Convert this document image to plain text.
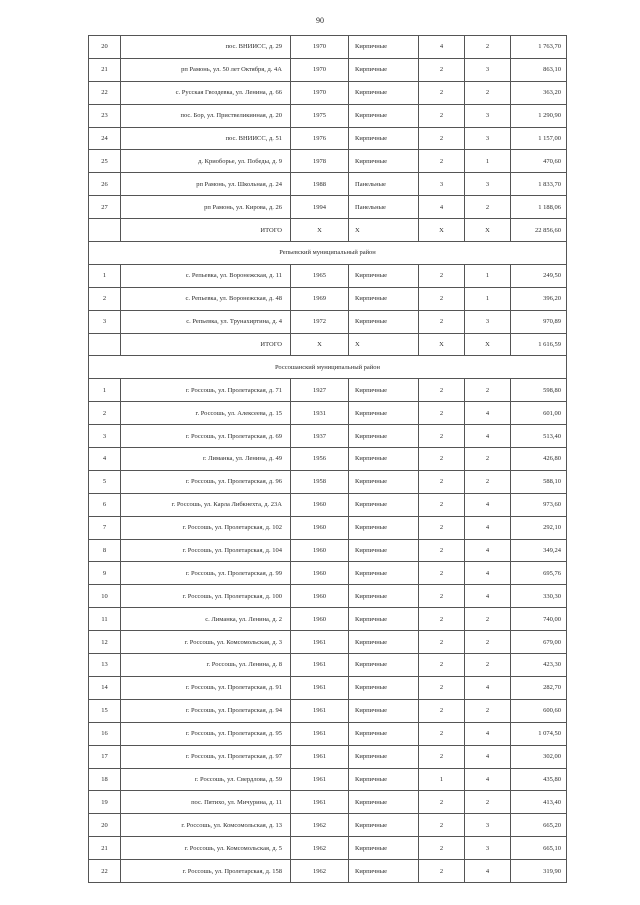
90
20	пос. ВНИИСС, д. 29	1970	Кирпичные	4	2	1 763,70
21	рп Рамонь, ул. 50 лет Октября, д. 4А	1970	Кирпичные	2	3	863,10
22	с. Русская Гвоздевка, ул. Ленина, д. 66	1970	Кирпичные	2	2	363,20
23	пос. Бор, ул. Приствеликинная, д. 20	1975	Кирпичные	2	3	1 290,90
24	пос. ВНИИСС, д. 51	1976	Кирпичные	2	3	1 157,00
25	д. Криоборье, ул. Победы, д. 9	1978	Кирпичные	2	1	470,60
26	рп Рамонь, ул. Школьная, д. 24	1988	Панельные	3	3	1 833,70
27	рп Рамонь, ул. Кирова, д. 26	1994	Панельные	4	2	1 188,06
	ИТОГО	Х	Х	Х	Х	22 856,60
Репьевский муниципальный район						
1	с. Репьевка, ул. Воронежская, д. 11	1965	Кирпичные	2	1	249,50
2	с. Репьевка, ул. Воронежская, д. 48	1969	Кирпичные	2	1	396,20
3	с. Репьевка, ул. Трунахиртина, д. 4	1972	Кирпичные	2	3	970,89
	ИТОГО	Х	Х	Х	Х	1 616,59
Россошанский муниципальный район						
1	г. Россошь, ул. Пролетарская, д. 71	1927	Кирпичные	2	2	598,80
2	г. Россошь, ул. Алексеева, д. 15	1931	Кирпичные	2	4	601,00
3	г. Россошь, ул. Пролетарская, д. 69	1937	Кирпичные	2	4	513,40
4	г. Лиманка, ул. Ленина, д. 49	1956	Кирпичные	2	2	426,80
5	г. Россошь, ул. Пролетарская, д. 96	1958	Кирпичные	2	2	588,10
6	г. Россошь, ул. Карла Либкнехта, д. 23А	1960	Кирпичные	2	4	973,60
7	г. Россошь, ул. Пролетарская, д. 102	1960	Кирпичные	2	4	292,10
8	г. Россошь, ул. Пролетарская, д. 104	1960	Кирпичные	2	4	349,24
9	г. Россошь, ул. Пролетарская, д. 99	1960	Кирпичные	2	4	695,76
10	г. Россошь, ул. Пролетарская, д. 100	1960	Кирпичные	2	4	330,30
11	с. Лиманка, ул. Ленина, д. 2	1960	Кирпичные	2	2	740,00
12	г. Россошь, ул. Комсомольская, д. 3	1961	Кирпичные	2	2	679,00
13	г. Россошь, ул. Ленина, д. 8	1961	Кирпичные	2	2	423,30
14	г. Россошь, ул. Пролетарская, д. 91	1961	Кирпичные	2	4	282,70
15	г. Россошь, ул. Пролетарская, д. 94	1961	Кирпичные	2	2	600,60
16	г. Россошь, ул. Пролетарская, д. 95	1961	Кирпичные	2	4	1 074,50
17	г. Россошь, ул. Пролетарская, д. 97	1961	Кирпичные	2	4	302,00
18	г. Россошь, ул. Свердлова, д. 59	1961	Кирпичные	1	4	435,80
19	пос. Пятихо, ул. Мичурина, д. 11	1961	Кирпичные	2	2	413,40
20	г. Россошь, ул. Комсомольская, д. 13	1962	Кирпичные	2	3	665,20
21	г. Россошь, ул. Комсомольская, д. 5	1962	Кирпичные	2	3	665,10
22	г. Россошь, ул. Пролетарская, д. 158	1962	Кирпичные	2	4	319,90
